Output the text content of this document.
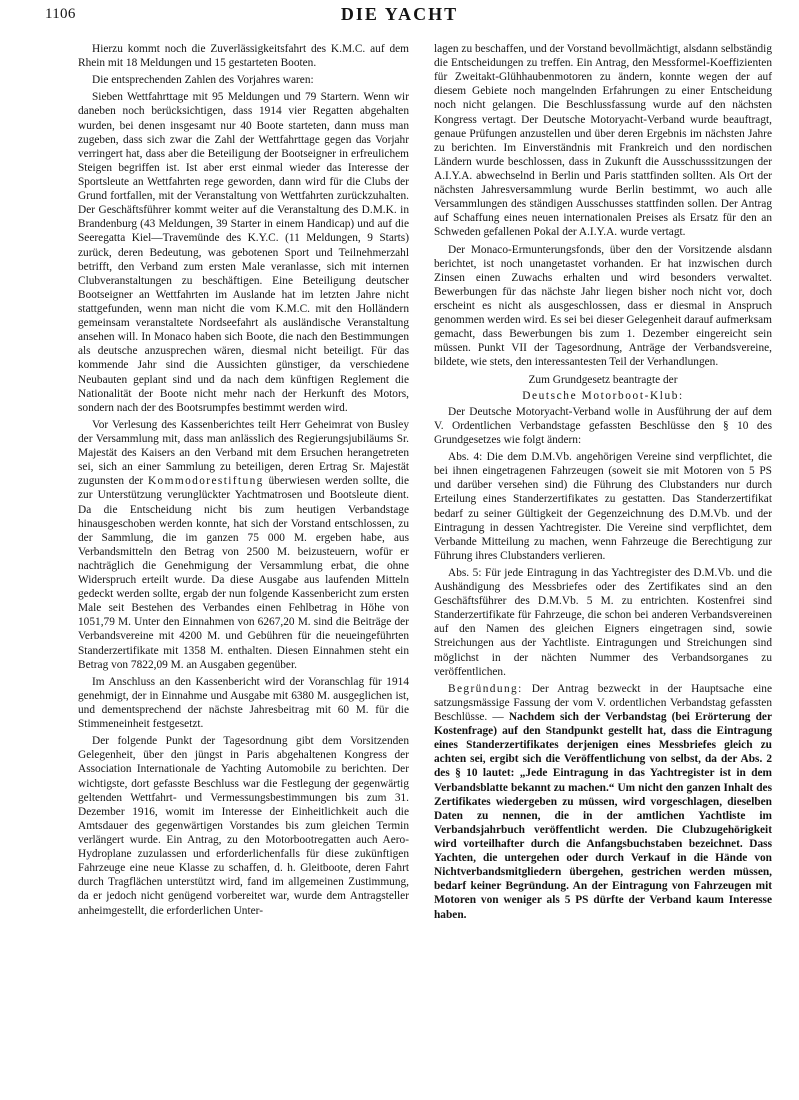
1106	DIE YACHT

Hierzu kommt noch die Zuverlässigkeitsfahrt des K.M.C. auf dem Rhein mit 18 Meldungen und 15 gestarteten Booten.

Die entsprechenden Zahlen des Vorjahres waren:

Sieben Wettfahrttage mit 95 Meldungen und 79 Startern. Wenn wir daneben noch berücksichtigen, dass 1914 vier Regatten abgehalten wurden, bei denen insgesamt nur 40 Boote starteten, dann muss man zugeben, dass sich zwar die Zahl der Wettfahrttage gegen das Vorjahr verringert hat, dass aber die Beteiligung der Bootseigner in erfreulichem Steigen begriffen ist. Ist aber erst einmal wieder das Interesse der Sportsleute an Wettfahrten rege geworden, dann wird für die Clubs der Grund fortfallen, mit der Veranstaltung von Wettfahrten zurückzuhalten. Der Geschäftsführer kommt weiter auf die Veranstaltung des D.M.K. in Brandenburg (43 Meldungen, 39 Starter in einem Handicap) und auf die Seeregatta Kiel—Travemünde des K.Y.C. (11 Meldungen, 9 Starts) zurück, deren Bedeutung, was gebotenen Sport und Teilnehmerzahl betrifft, den Verband zum ersten Male veranlasse, sich mit internen Clubveranstaltungen zu beschäftigen. Eine Beteiligung deutscher Bootseigner an Wettfahrten im Auslande hat im letzten Jahre nicht stattgefunden, wenn man nicht die vom K.M.C. mit den Holländern gemeinsam veranstaltete Nordseefahrt als ausländische Veranstaltung ansehen will. In Monaco haben sich Boote, die nach den Bestimmungen als deutsche anzusprechen wären, diesmal nicht beteiligt. Für das kommende Jahr sind die Aussichten günstiger, da verschiedene Neubauten geplant sind und da nach dem künftigen Reglement die Nationalität der Boote nicht mehr nach der Herkunft des Motors, sondern nach der des Bootsrumpfes bestimmt werden wird.

Vor Verlesung des Kassenberichtes teilt Herr Geheimrat von Busley der Versammlung mit, dass man anlässlich des Regierungsjubiläums Sr. Majestät des Kaisers an den Verband mit dem Ersuchen herangetreten sei, sich an einer Sammlung zu beteiligen, deren Ertrag Sr. Majestät zugunsten der Kommodorestiftung überwiesen werden sollte, die zur Unterstützung verunglückter Yachtmatrosen und Bootsleute dient. Da die Entscheidung nicht bis zum heutigen Verbandstage hinausgeschoben werden konnte, hat sich der Vorstand entschlossen, zu der Sammlung, die im ganzen 75 000 M. ergeben habe, aus Verbandsmitteln den Betrag von 2500 M. beizusteuern, wofür er nachträglich die Genehmigung der Versammlung erbat, die ohne Widerspruch erteilt wurde. Da diese Ausgabe aus laufenden Mitteln gedeckt werden sollte, ergab der nun folgende Kassenbericht zum ersten Male seit Bestehen des Verbandes einen Fehlbetrag in Höhe von 1051,79 M. Unter den Einnahmen von 6267,20 M. sind die Beiträge der Verbandsvereine mit 4200 M. und Gebühren für die neueingeführten Standerzertifikate mit 1358 M. enthalten. Diesen Einnahmen steht ein Betrag von 7822,09 M. an Ausgaben gegenüber.

Im Anschluss an den Kassenbericht wird der Voranschlag für 1914 genehmigt, der in Einnahme und Ausgabe mit 6380 M. ausgeglichen ist, und dementsprechend der nächste Jahresbeitrag mit 60 M. für die Stimmeneinheit festgesetzt.

Der folgende Punkt der Tagesordnung gibt dem Vorsitzenden Gelegenheit, über den jüngst in Paris abgehaltenen Kongress der Association Internationale de Yachting Automobile zu berichten. Der wichtigste, dort gefasste Beschluss war die Festlegung der gegenwärtig geltenden Wettfahrt- und Vermessungsbestimmungen bis zum 31. Dezember 1916, womit im Interesse der Einheitlichkeit auch die Amtsdauer des gegenwärtigen Vorstandes bis zum gleichen Termin verlängert wurde. Ein Antrag, zu den Motorbootregatten auch Aero-Hydroplane zuzulassen und erforderlichenfalls für diese zukünftigen Fahrzeuge eine neue Klasse zu schaffen, d. h. Gleitboote, deren Fahrt durch Tragflächen unterstützt wird, fand im allgemeinen Zustimmung, da er jedoch nicht genügend vorbereitet war, wurde dem Antragsteller anheimgestellt, die erforderlichen Unter-

lagen zu beschaffen, und der Vorstand bevollmächtigt, alsdann selbständig die Entscheidungen zu treffen. Ein Antrag, den Messformel-Koeffizienten für Zweitakt-Glühhaubenmotoren zu ändern, konnte wegen der auf diesem Gebiete noch mangelnden Erfahrungen zu einer Entscheidung noch nicht gelangen. Die Beschlussfassung wurde auf den nächsten Kongress vertagt. Der Deutsche Motoryacht-Verband wurde beauftragt, genaue Prüfungen anzustellen und über deren Ergebnis im nächsten Jahre zu berichten. Im Einverständnis mit Frankreich und den nordischen Ländern wurde beschlossen, dass in Zukunft die Ausschusssitzungen der A.I.Y.A. abwechselnd in Berlin und Paris stattfinden sollten. Als Ort der nächsten Jahresversammlung wurde Berlin bestimmt, wo auch alle Versammlungen des ständigen Ausschusses stattfinden sollen. Der Antrag auf Schaffung eines neuen internationalen Preises als Ersatz für den an Schweden gefallenen Pokal der A.I.Y.A. wurde vertagt.

Der Monaco-Ermunterungsfonds, über den der Vorsitzende alsdann berichtet, ist noch unangetastet vorhanden. Er hat inzwischen durch Zinsen einen Zuwachs erhalten und wird besonders verwaltet. Bewerbungen für das nächste Jahr liegen bisher noch nicht vor, doch erscheint es nicht als ausgeschlossen, dass er diesmal in Anspruch genommen werden wird. Es sei bei dieser Gelegenheit darauf aufmerksam gemacht, dass Bewerbungen bis zum 1. Dezember eingereicht sein müssen. Punkt VII der Tagesordnung, Anträge der Verbandsvereine, bildete, wie stets, den interessantesten Teil der Verhandlungen.

Zum Grundgesetz beantragte der

Deutsche Motorboot-Klub:

Der Deutsche Motoryacht-Verband wolle in Ausführung der auf dem V. Ordentlichen Verbandstage gefassten Beschlüsse den § 10 des Grundgesetzes wie folgt ändern:

Abs. 4: Die dem D.M.Vb. angehörigen Vereine sind verpflichtet, die bei ihnen eingetragenen Fahrzeugen (soweit sie mit Motoren von 5 PS und darüber versehen sind) die Führung des Clubstanders nur durch Erteilung eines Standerzertifikates zu gestatten. Das Standerzertifikat bedarf zu seiner Gültigkeit der Gegenzeichnung des D.M.Vb. und der Eintragung in dessen Yachtregister. Die Vereine sind verpflichtet, dem Verbande Mitteilung zu machen, wenn Fahrzeuge die Berechtigung zur Führung ihres Clubstanders verlieren.

Abs. 5: Für jede Eintragung in das Yachtregister des D.M.Vb. und die Aushändigung des Messbriefes oder des Zertifikates sind an den Geschäftsführer des D.M.Vb. 5 M. zu entrichten. Kostenfrei sind Standerzertifikate für Fahrzeuge, die schon bei anderen Verbandsvereinen auf den Namen des gleichen Eigners eingetragen sind, sowie Streichungen aus der Yachtliste. Eintragungen und Streichungen sind möglichst in der nächten Nummer des Verbandsorganes zu veröffentlichen.

Begründung: Der Antrag bezweckt in der Hauptsache eine satzungsmässige Fassung der vom V. ordentlichen Verbandstag gefassten Beschlüsse. — Nachdem sich der Verbandstag (bei Erörterung der Kostenfrage) auf den Standpunkt gestellt hat, dass die Eintragung eines Standerzertifikates derjenigen eines Messbriefes gleich zu achten sei, ergibt sich die Veröffentlichung von selbst, da der Abs. 2 des § 10 lautet: „Jede Eintragung in das Yachtregister ist in dem Verbandsblatte bekannt zu machen.“ Um nicht den ganzen Inhalt des Zertifikates wiedergeben zu müssen, wird vorgeschlagen, dieselben Daten zu nennen, die in der amtlichen Yachtliste im Verbandsjahrbuch veröffentlicht werden. Die Clubzugehörigkeit wird vorteilhafter durch die Anfangsbuchstaben bezeichnet. Dass Yachten, die untergehen oder durch Verkauf in die Hände von Nichtverbandsmitgliedern übergehen, gestrichen werden müssen, bedarf keiner Begründung. An der Eintragung von Fahrzeugen mit Motoren von weniger als 5 PS dürfte der Verband kaum Interesse haben.
